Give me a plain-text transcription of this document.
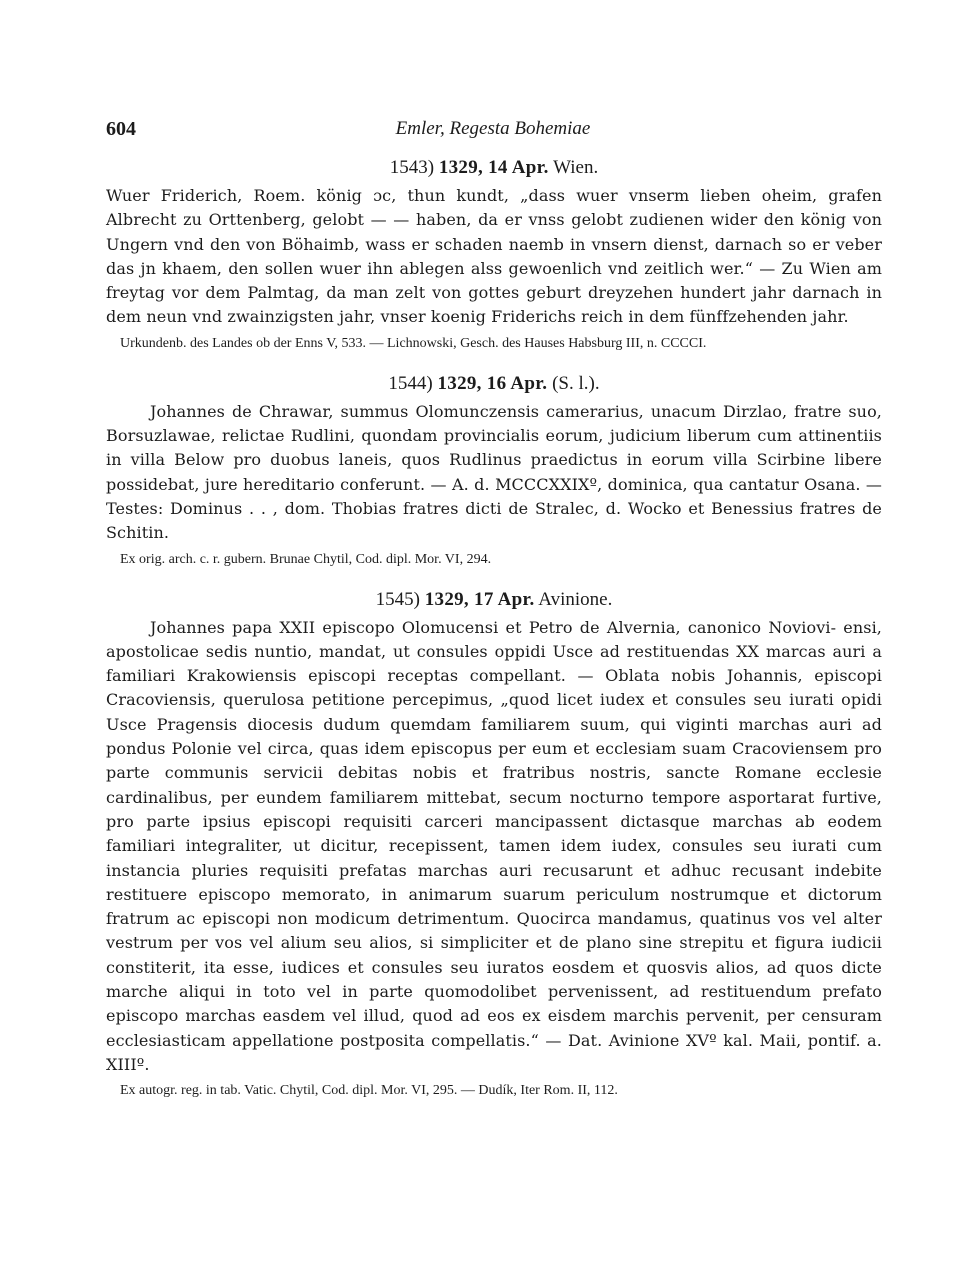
604	Emler, Regesta Bohemiae

1543) 1329, 14 Apr. Wien.

Wuer Friderich, Roem. könig ɔc, thun kundt, „dass wuer vnserm lieben oheim, grafen Albrecht zu Orttenberg, gelobt — — haben, da er vnss gelobt zudienen wider den könig von Ungern vnd den von Böhaimb, wass er schaden naemb in vnsern dienst, darnach so er veber das jn khaem, den sollen wuer ihn ablegen alss gewoenlich vnd zeitlich wer.“ — Zu Wien am freytag vor dem Palmtag, da man zelt von gottes geburt dreyzehen hundert jahr darnach in dem neun vnd zwainzigsten jahr, vnser koenig Friderichs reich in dem fünffzehenden jahr.

Urkundenb. des Landes ob der Enns V, 533. — Lichnowski, Gesch. des Hauses Habsburg III, n. CCCCI.

1544) 1329, 16 Apr. (S. l.).

Johannes de Chrawar, summus Olomunczensis camerarius, unacum Dirzlao, fratre suo, Borsuzlawae, relictae Rudlini, quondam provincialis eorum, judicium liberum cum attinentiis in villa Below pro duobus laneis, quos Rudlinus praedictus in eorum villa Scirbine libere possidebat, jure hereditario conferunt. — A. d. MCCCXXIXº, dominica, qua cantatur Osana. — Testes: Dominus . . , dom. Thobias fratres dicti de Stralec, d. Wocko et Benessius fratres de Schitin.

Ex orig. arch. c. r. gubern. Brunae Chytil, Cod. dipl. Mor. VI, 294.

1545) 1329, 17 Apr. Avinione.

Johannes papa XXII episcopo Olomucensi et Petro de Alvernia, canonico Noviovi- ensi, apostolicae sedis nuntio, mandat, ut consules oppidi Usce ad restituendas XX marcas auri a familiari Krakowiensis episcopi receptas compellant. — Oblata nobis Johannis, episcopi Cracoviensis, querulosa petitione percepimus, „quod licet iudex et consules seu iurati opidi Usce Pragensis diocesis dudum quemdam familiarem suum, qui viginti marchas auri ad pondus Polonie vel circa, quas idem episcopus per eum et ecclesiam suam Cracoviensem pro parte communis servicii debitas nobis et fratribus nostris, sancte Romane ecclesie cardinalibus, per eundem familiarem mittebat, secum nocturno tempore asportarat furtive, pro parte ipsius episcopi requisiti carceri mancipassent dictasque marchas ab eodem familiari integraliter, ut dicitur, recepissent, tamen idem iudex, consules seu iurati cum instancia pluries requisiti prefatas marchas auri recusarunt et adhuc recusant indebite restituere episcopo memorato, in animarum suarum periculum nostrumque et dictorum fratrum ac episcopi non modicum detrimentum. Quocirca mandamus, quatinus vos vel alter vestrum per vos vel alium seu alios, si simpliciter et de plano sine strepitu et figura iudicii constiterit, ita esse, iudices et consules seu iuratos eosdem et quosvis alios, ad quos dicte marche aliqui in toto vel in parte quomodolibet pervenissent, ad restituendum prefato episcopo marchas easdem vel illud, quod ad eos ex eisdem marchis pervenit, per censuram ecclesiasticam appellatione postposita compellatis.“ — Dat. Avinione XVº kal. Maii, pontif. a. XIIIº.

Ex autogr. reg. in tab. Vatic. Chytil, Cod. dipl. Mor. VI, 295. — Dudík, Iter Rom. II, 112.
